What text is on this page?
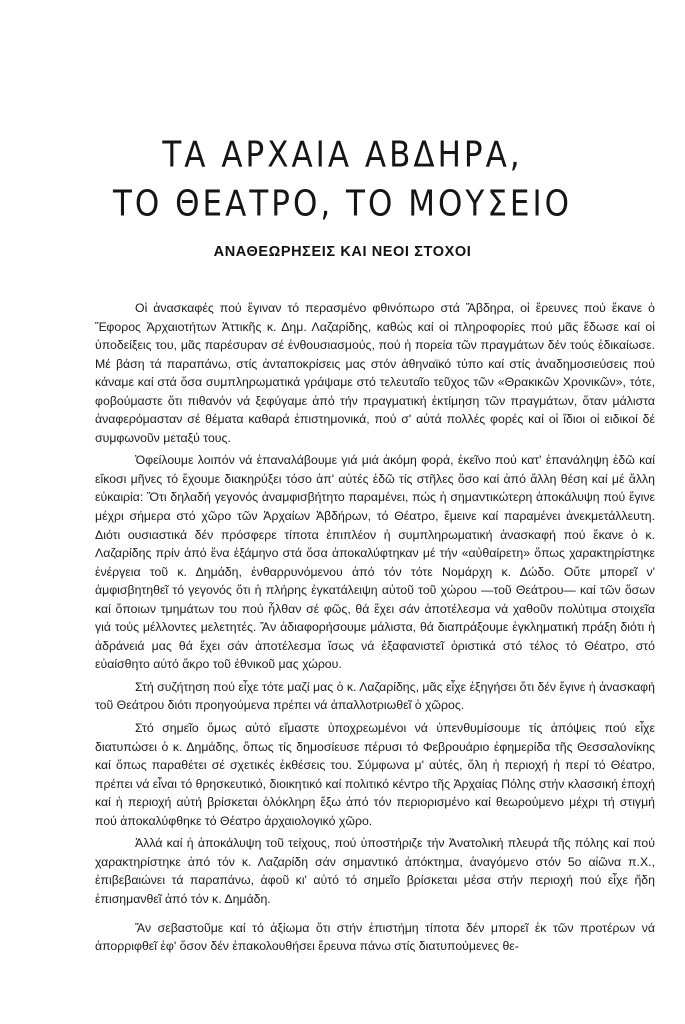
ΤΑ ΑΡΧΑΙΑ ΑΒΔΗΡΑ,
ΤΟ ΘΕΑΤΡΟ, ΤΟ ΜΟΥΣΕΙΟ
ΑΝΑΘΕΩΡΗΣΕΙΣ ΚΑΙ ΝΕΟΙ ΣΤΟΧΟΙ

Οἱ ἀνασκαφές πού ἔγιναν τό περασμένο φθινόπωρο στά Ἄβδηρα, οἱ ἔρευνες πού ἔκανε ὁ Ἔφορος Ἀρχαιοτήτων Ἀττικῆς κ. Δημ. Λαζαρίδης, καθώς καί οἱ πληροφορίες πού μᾶς ἔδωσε καί οἱ ὑποδείξεις του, μᾶς παρέσυραν σέ ἐνθουσιασμούς, πού ἡ πορεία τῶν πραγμάτων δέν τούς ἐδικαίωσε. Μέ βάση τά παραπάνω, στίς ἀνταποκρίσεις μας στόν ἀθηναϊκό τύπο καί στίς ἀναδημοσιεύσεις πού κάναμε καί στά ὅσα συμπληρωματικά γράψαμε στό τελευταῖο τεῦχος τῶν «Θρακικῶν Χρονικῶν», τότε, φοβούμαστε ὅτι πιθανόν νά ξεφύγαμε ἀπό τήν πραγματική ἐκτίμηση τῶν πραγμάτων, ὅταν μάλιστα ἀναφερόμασταν σέ θέματα καθαρά ἐπιστημονικά, πού σ' αὐτά πολλές φορές καί οἱ ἴδιοι οἱ ειδικοί δέ συμφωνοῦν μεταξύ τους.

Ὀφείλουμε λοιπόν νά ἐπαναλάβουμε γιά μιά ἀκόμη φορά, ἐκεῖνο πού κατ' ἐπανάληψη ἐδῶ καί εἴκοσι μῆνες τό ἔχουμε διακηρύξει τόσο ἀπ' αὐτές ἐδῶ τίς στῆλες ὅσο καί ἀπό ἄλλη θέση καί μέ ἄλλη εὐκαιρία: Ὅτι δηλαδή γεγονός ἀναμφισβήτητο παραμένει, πώς ἡ σημαντικώτερη ἀποκάλυψη πού ἔγινε μέχρι σήμερα στό χῶρο τῶν Ἀρχαίων Ἀβδήρων, τό Θέατρο, ἔμεινε καί παραμένει ἀνεκμετάλλευτη. Διότι ουσιαστικά δέν πρόσφερε τίποτα ἐπιπλέον ἡ συμπληρωματική ἀνασκαφή πού ἔκανε ὁ κ. Λαζαρίδης πρίν ἀπό ἕνα ἑξάμηνο στά ὅσα ἀποκαλύφτηκαν μέ τήν «αὐθαίρετη» ὅπως χαρακτηρίστηκε ἐνέργεια τοῦ κ. Δημάδη, ἐνθαρρυνόμενου ἀπό τόν τότε Νομάρχη κ. Δώδο. Οὔτε μπορεῖ ν' ἀμφισβητηθεῖ τό γεγονός ὅτι ἡ πλήρης ἐγκατάλειψη αὐτοῦ τοῦ χώρου —τοῦ Θεάτρου— καί τῶν ὅσων καί ὅποιων τμημάτων του πού ἦλθαν σέ φῶς, θά ἔχει σάν ἀποτέλεσμα νά χαθοῦν πολύτιμα στοιχεῖα γιά τούς μέλλοντες μελετητές. Ἄν ἀδιαφορήσουμε μάλιστα, θά διαπράξουμε ἐγκληματική πράξη διότι ἡ ἀδράνειά μας θά ἔχει σάν ἀποτέλεσμα ἴσως νά ἐξαφανιστεῖ ὁριστικά στό τέλος τό Θέατρο, στό εὐαίσθητο αὐτό ἄκρο τοῦ ἐθνικοῦ μας χώρου.

Στή συζήτηση πού εἶχε τότε μαζί μας ὁ κ. Λαζαρίδης, μᾶς εἶχε ἐξηγήσει ὅτι δέν ἔγινε ἡ ἀνασκαφή τοῦ Θεάτρου διότι προηγούμενα πρέπει νά ἀπαλλοτριωθεῖ ὁ χῶρος.

Στό σημεῖο ὅμως αὐτό εἴμαστε ὑποχρεωμένοι νά ὑπενθυμίσουμε τίς ἀπόψεις πού εἶχε διατυπώσει ὁ κ. Δημάδης, ὅπως τίς δημοσίευσε πέρυσι τό Φεβρουάριο ἐφημερίδα τῆς Θεσσαλονίκης καί ὅπως παραθέτει σέ σχετικές ἐκθέσεις του. Σύμφωνα μ' αὐτές, ὅλη ἡ περιοχή ἡ περί τό Θέατρο, πρέπει νά εἶναι τό θρησκευτικό, διοικητικό καί πολιτικό κέντρο τῆς Ἀρχαίας Πόλης στήν κλασσική ἐποχή καί ἡ περιοχή αὐτή βρίσκεται ὁλόκληρη ἔξω ἀπό τόν περιορισμένο καί θεωρούμενο μέχρι τή στιγμή πού ἀποκαλύφθηκε τό Θέατρο ἀρχαιολογικό χῶρο.

Ἀλλά καί ἡ ἀποκάλυψη τοῦ τείχους, πού ὑποστήριζε τήν Ἀνατολική πλευρά τῆς πόλης καί πού χαρακτηρίστηκε ἀπό τόν κ. Λαζαρίδη σάν σημαντικό ἀπόκτημα, ἀναγόμενο στόν 5ο αἰῶνα π.Χ., ἐπιβεβαιώνει τά παραπάνω, ἀφοῦ κι' αὐτό τό σημεῖο βρίσκεται μέσα στήν περιοχή πού εἶχε ἤδη ἐπισημανθεῖ ἀπό τόν κ. Δημάδη.

Ἄν σεβαστοῦμε καί τό ἀξίωμα ὅτι στήν ἐπιστήμη τίποτα δέν μπορεῖ ἐκ τῶν προτέρων νά ἀπορριφθεῖ ἐφ' ὅσον δέν ἐπακολουθήσει ἔρευνα πάνω στίς διατυπούμενες θε-
